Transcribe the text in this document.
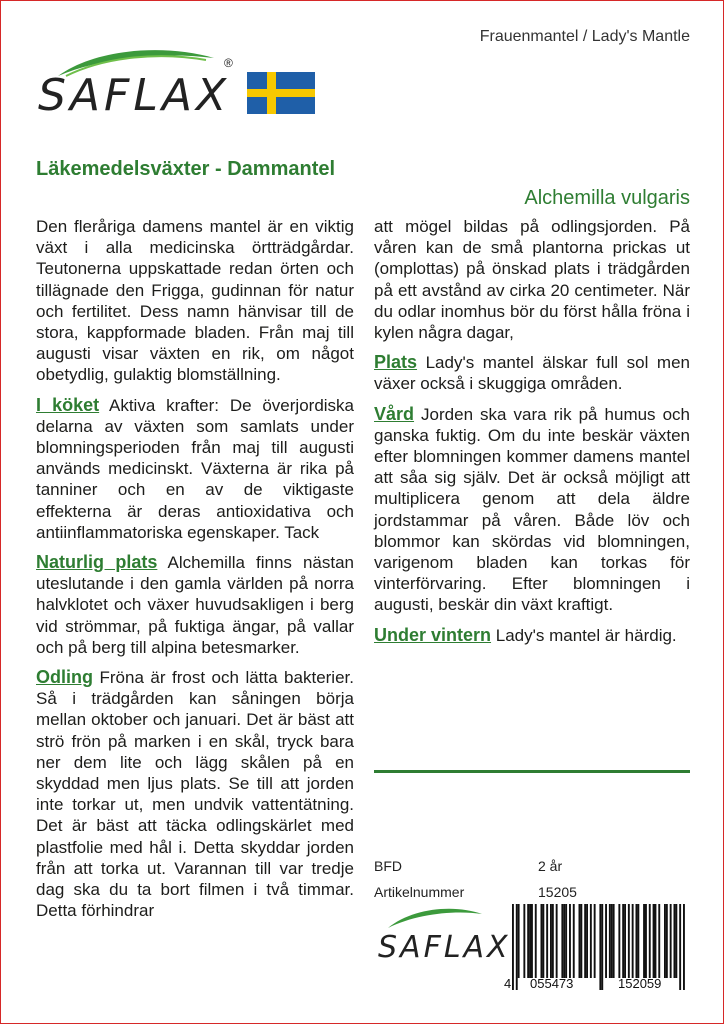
Frauenmantel / Lady's Mantle
SAFLAX
®
Läkemedelsväxter - Dammantel
Alchemilla vulgaris

Den fleråriga damens mantel är en viktig växt i alla medicinska örtträdgårdar. Teutonerna uppskattade redan örten och tillägnade den Frigga, gudinnan för natur och fertilitet. Dess namn hänvisar till de stora, kappformade bladen. Från maj till augusti visar växten en rik, om något obetydlig, gulaktig blomställning.

I köket Aktiva krafter: De överjordiska delarna av växten som samlats under blomningsperioden från maj till augusti används medicinskt. Växterna är rika på tanniner och en av de viktigaste effekterna är deras antioxidativa och antiinflammatoriska egenskaper. Tack

Naturlig plats Alchemilla finns nästan uteslutande i den gamla världen på norra halvklotet och växer huvudsakligen i berg vid strömmar, på fuktiga ängar, på vallar och på berg till alpina betesmarker.

Odling Fröna är frost och lätta bakterier. Så i trädgården kan såningen börja mellan oktober och januari. Det är bäst att strö frön på marken i en skål, tryck bara ner dem lite och lägg skålen på en skyddad men ljus plats. Se till att jorden inte torkar ut, men undvik vattentätning. Det är bäst att täcka odlingskärlet med plastfolie med hål i. Detta skyddar jorden från att torka ut. Varannan till var tredje dag ska du ta bort filmen i två timmar. Detta förhindrar

att mögel bildas på odlingsjorden. På våren kan de små plantorna prickas ut (omplottas) på önskad plats i trädgården på ett avstånd av cirka 20 centimeter. När du odlar inomhus bör du först hålla fröna i kylen några dagar,

Plats Lady's mantel älskar full sol men växer också i skuggiga områden.

Vård Jorden ska vara rik på humus och ganska fuktig. Om du inte beskär växten efter blomningen kommer damens mantel att såa sig själv. Det är också möjligt att multiplicera genom att dela äldre jordstammar på våren. Både löv och blommor kan skördas vid blomningen, varigenom bladen kan torkas för vinterförvaring. Efter blomningen i augusti, beskär din växt kraftigt.

Under vintern Lady's mantel är härdig.

BFD	2 år
Artikelnummer	15205
SAFLAX
4 055473	152059
